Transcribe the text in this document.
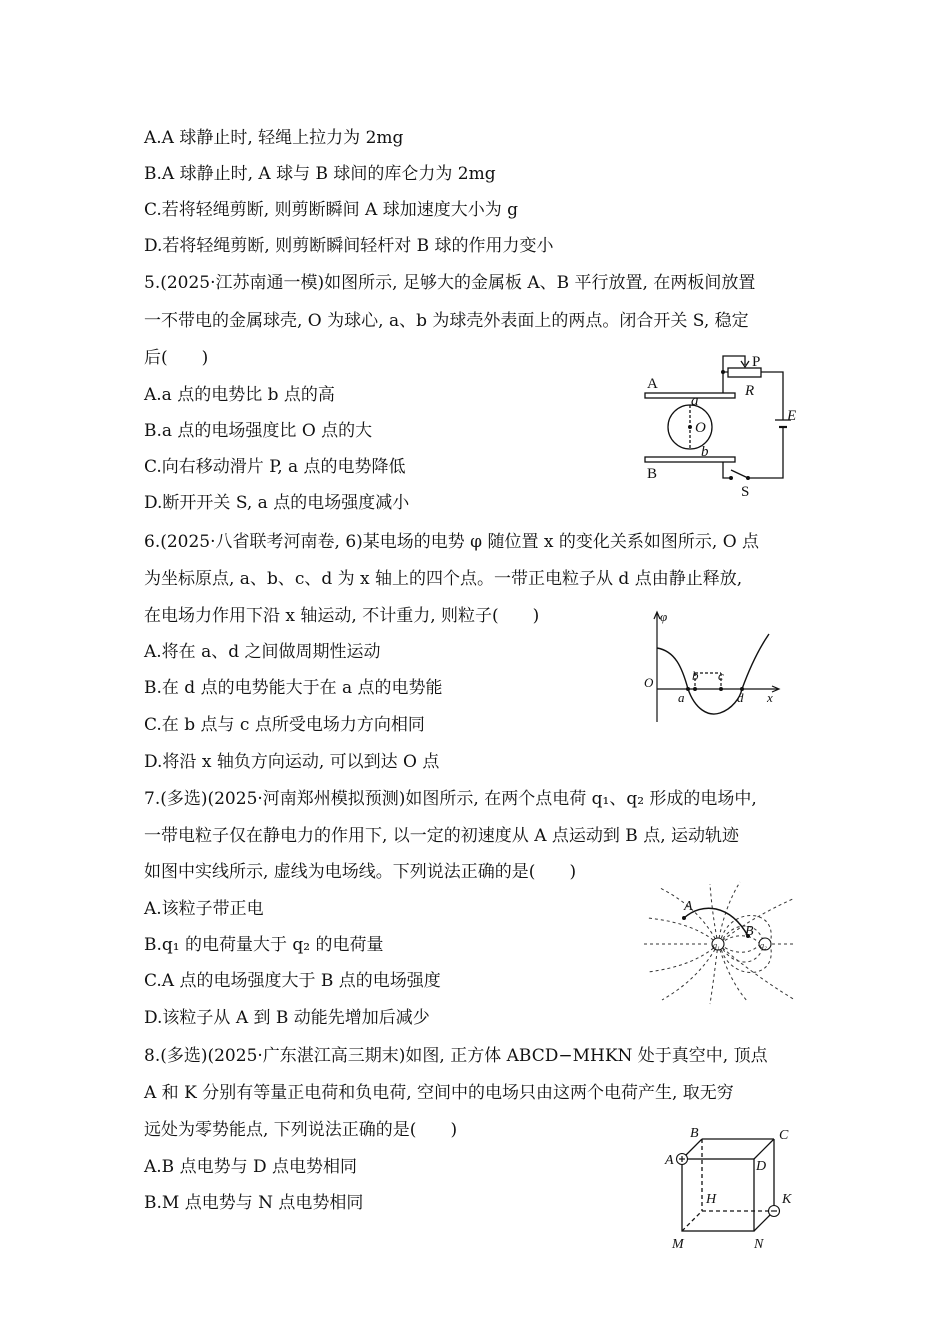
A.A 球静止时, 轻绳上拉力为 2mg
B.A 球静止时, A 球与 B 球间的库仑力为 2mg
C.若将轻绳剪断, 则剪断瞬间 A 球加速度大小为 g
D.若将轻绳剪断, 则剪断瞬间轻杆对 B 球的作用力变小
5.(2025·江苏南通一模)如图所示, 足够大的金属板 A、B 平行放置, 在两板间放置
一不带电的金属球壳, O 为球心, a、b 为球壳外表面上的两点。闭合开关 S, 稳定
后(　　)
A.a 点的电势比 b 点的高
B.a 点的电场强度比 O 点的大
C.向右移动滑片 P, a 点的电势降低
D.断开开关 S, a 点的电场强度减小
A
B
a
b
O
P
R
E
S
6.(2025·八省联考河南卷, 6)某电场的电势 φ 随位置 x 的变化关系如图所示, O 点
为坐标原点, a、b、c、d 为 x 轴上的四个点。一带正电粒子从 d 点由静止释放,
在电场力作用下沿 x 轴运动, 不计重力, 则粒子(　　)
A.将在 a、d 之间做周期性运动
B.在 d 点的电势能大于在 a 点的电势能
C.在 b 点与 c 点所受电场力方向相同
D.将沿 x 轴负方向运动, 可以到达 O 点
φ
O
a
b c
d x
7.(多选)(2025·河南郑州模拟预测)如图所示, 在两个点电荷 q₁、q₂ 形成的电场中,
一带电粒子仅在静电力的作用下, 以一定的初速度从 A 点运动到 B 点, 运动轨迹
如图中实线所示, 虚线为电场线。下列说法正确的是(　　)
A.该粒子带正电
B.q₁ 的电荷量大于 q₂ 的电荷量
C.A 点的电场强度大于 B 点的电场强度
D.该粒子从 A 到 B 动能先增加后减少
A
B
q₁	q₂
8.(多选)(2025·广东湛江高三期末)如图, 正方体 ABCD−MHKN 处于真空中, 顶点
A 和 K 分别有等量正电荷和负电荷, 空间中的电场只由这两个电荷产生, 取无穷
远处为零势能点, 下列说法正确的是(　　)
A.B 点电势与 D 点电势相同
B.M 点电势与 N 点电势相同
A
B	C
D
H	K
M	N
